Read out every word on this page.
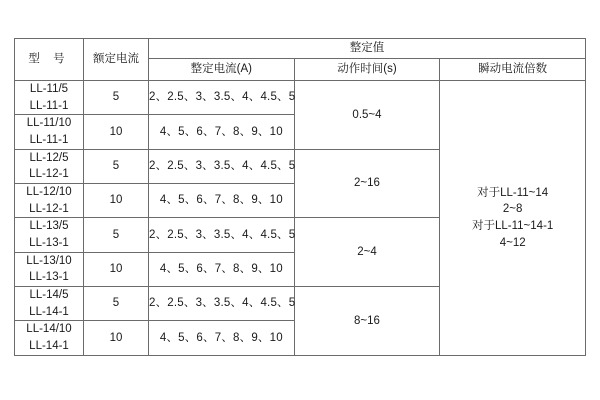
型 号	额定电流	整定值		
		整定电流(A)	动作时间(s)	瞬动电流倍数

LL-11/5
LL-11-1	5	2、2.5、3、3.5、4、4.5、5	0.5~4	对于LL-11~14
2~8
对于LL-11~14-1
4~12

LL-11/10
LL-11-1	10	4、5、6、7、8、9、10		

LL-12/5
LL-12-1	5	2、2.5、3、3.5、4、4.5、5	2~16	

LL-12/10
LL-12-1	10	4、5、6、7、8、9、10		

LL-13/5
LL-13-1	5	2、2.5、3、3.5、4、4.5、5	2~4	

LL-13/10
LL-13-1	10	4、5、6、7、8、9、10		

LL-14/5
LL-14-1	5	2、2.5、3、3.5、4、4.5、5	8~16	

LL-14/10
LL-14-1	10	4、5、6、7、8、9、10		
